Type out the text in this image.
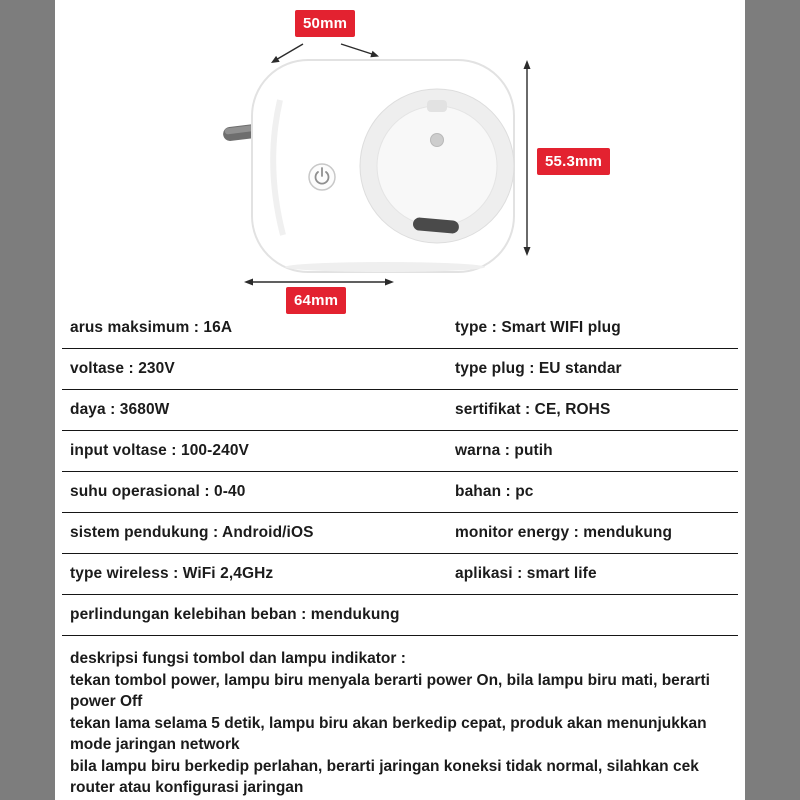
50mm
55.3mm
64mm
arus maksimum : 16A	type : Smart WIFI plug
voltase : 230V	type plug : EU standar
daya : 3680W	sertifikat : CE, ROHS
input voltase : 100-240V	warna : putih
suhu operasional : 0-40	bahan : pc
sistem pendukung : Android/iOS	monitor energy : mendukung
type wireless : WiFi 2,4GHz	aplikasi : smart life
perlindungan kelebihan beban : mendukung
deskripsi fungsi tombol dan lampu indikator :
tekan tombol power, lampu biru menyala berarti power On, bila lampu biru mati, berarti power Off
tekan lama selama 5 detik, lampu biru akan berkedip cepat, produk akan menunjukkan mode jaringan network
bila lampu biru berkedip perlahan, berarti jaringan koneksi tidak normal, silahkan cek router atau konfigurasi jaringan
